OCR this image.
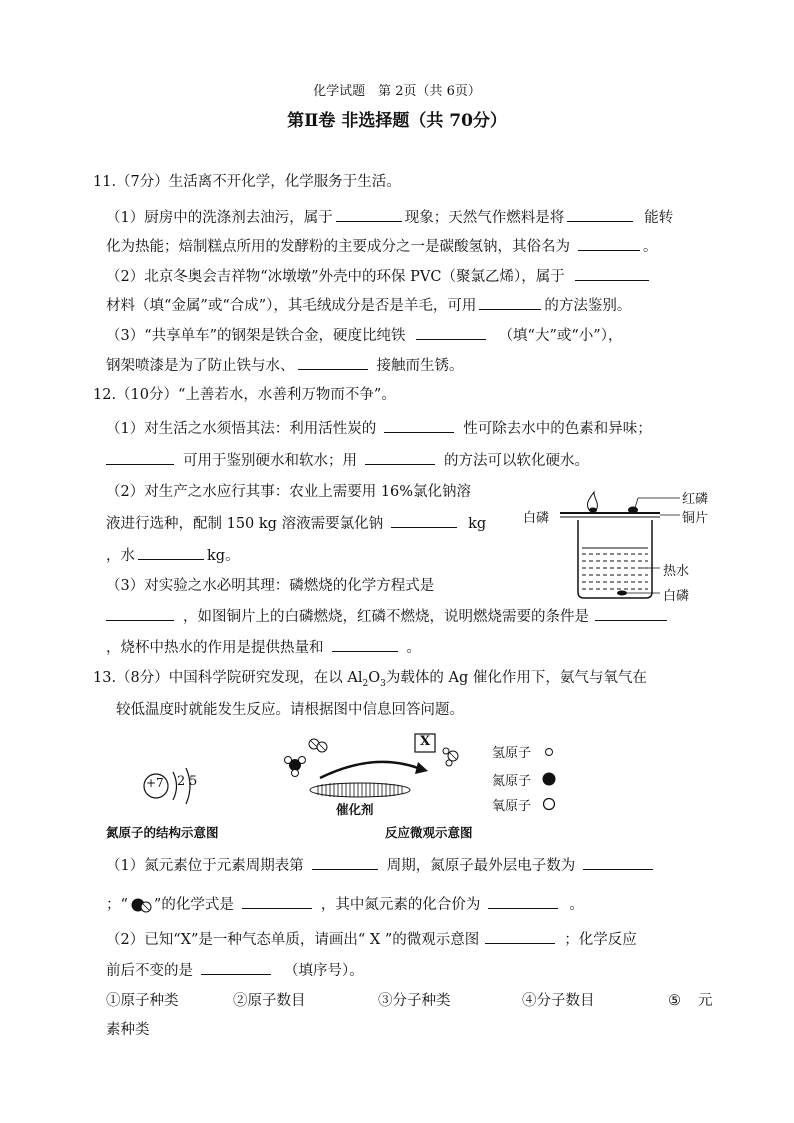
化学试题　第 2页（共 6页）
第Ⅱ卷 非选择题（共 70分）
11.（7分）生活离不开化学，化学服务于生活。
（1）厨房中的洗涤剂去油污，属于	现象；天然气作燃料是将	能转
化为热能；焙制糕点所用的发酵粉的主要成分之一是碳酸氢钠，其俗名为	。
（2）北京冬奥会吉祥物“冰墩墩”外壳中的环保 PVC（聚氯乙烯），属于
材料（填“金属”或“合成”），其毛绒成分是否是羊毛，可用	的方法鉴别。
（3）“共享单车”的钢架是铁合金，硬度比纯铁	（填“大”或“小”），
钢架喷漆是为了防止铁与水、	接触而生锈。
12.（10分）“上善若水，水善利万物而不争”。
（1）对生活之水须悟其法：利用活性炭的	性可除去水中的色素和异味；
可用于鉴别硬水和软水；用	的方法可以软化硬水。
（2）对生产之水应行其事：农业上需要用 16%氯化钠溶
液进行选种，配制 150 kg 溶液需要氯化钠	kg
，水	kg。
（3）对实验之水必明其理：磷燃烧的化学方程式是
，如图铜片上的白磷燃烧，红磷不燃烧，说明燃烧需要的条件是
，烧杯中热水的作用是提供热量和	。
红磷
白磷	铜片
热水
白磷
13.（8分）中国科学院研究发现，在以 $Al_2O_3$为载体的 Ag 催化作用下，氨气与氧气在
较低温度时就能发生反应。请根据图中信息回答问题。
+7 2 5
氮原子的结构示意图
X
催化剂
反应微观示意图
氢原子
氮原子
氧原子
（1）氮元素位于元素周期表第	周期，氮原子最外层电子数为
；“ ”的化学式是	，其中氮元素的化合价为	。
（2）已知“X”是一种气态单质，请画出“ X ”的微观示意图	；化学反应
前后不变的是	（填序号）。
①原子种类	②原子数目	③分子种类	④分子数目	⑤ 元
素种类
